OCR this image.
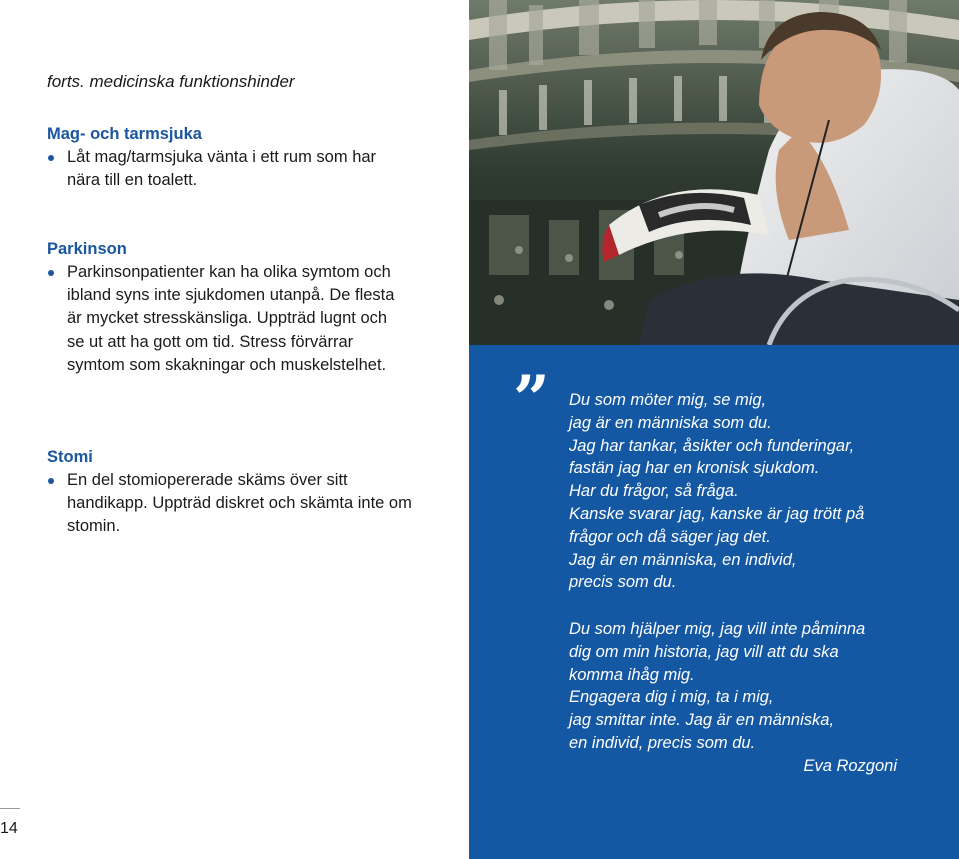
forts. medicinska funktionshinder
Mag- och tarmsjuka
Låt mag/tarmsjuka vänta i ett rum som har nära till en toalett.
Parkinson
Parkinsonpatienter kan ha olika symtom och ibland syns inte sjukdomen utanpå. De flesta är mycket stresskänsliga. Uppträd lugnt och se ut att ha gott om tid. Stress förvärrar symtom som skakningar och muskelstelhet.
Stomi
En del stomiopererade skäms över sitt handikapp. Uppträd diskret och skämta inte om stomin.
14
” Du som möter mig, se mig,

jag är en människa som du.

Jag har tankar, åsikter och funderingar,

fastän jag har en kronisk sjukdom.

Har du frågor, så fråga.

Kanske svarar jag, kanske är jag trött på

frågor och då säger jag det.

Jag är en människa, en individ,

precis som du.

Du som hjälper mig, jag vill inte påminna

dig om min historia, jag vill att du ska

komma ihåg mig.

Engagera dig i mig, ta i mig,

jag smittar inte. Jag är en människa,

en individ, precis som du.

Eva Rozgoni
